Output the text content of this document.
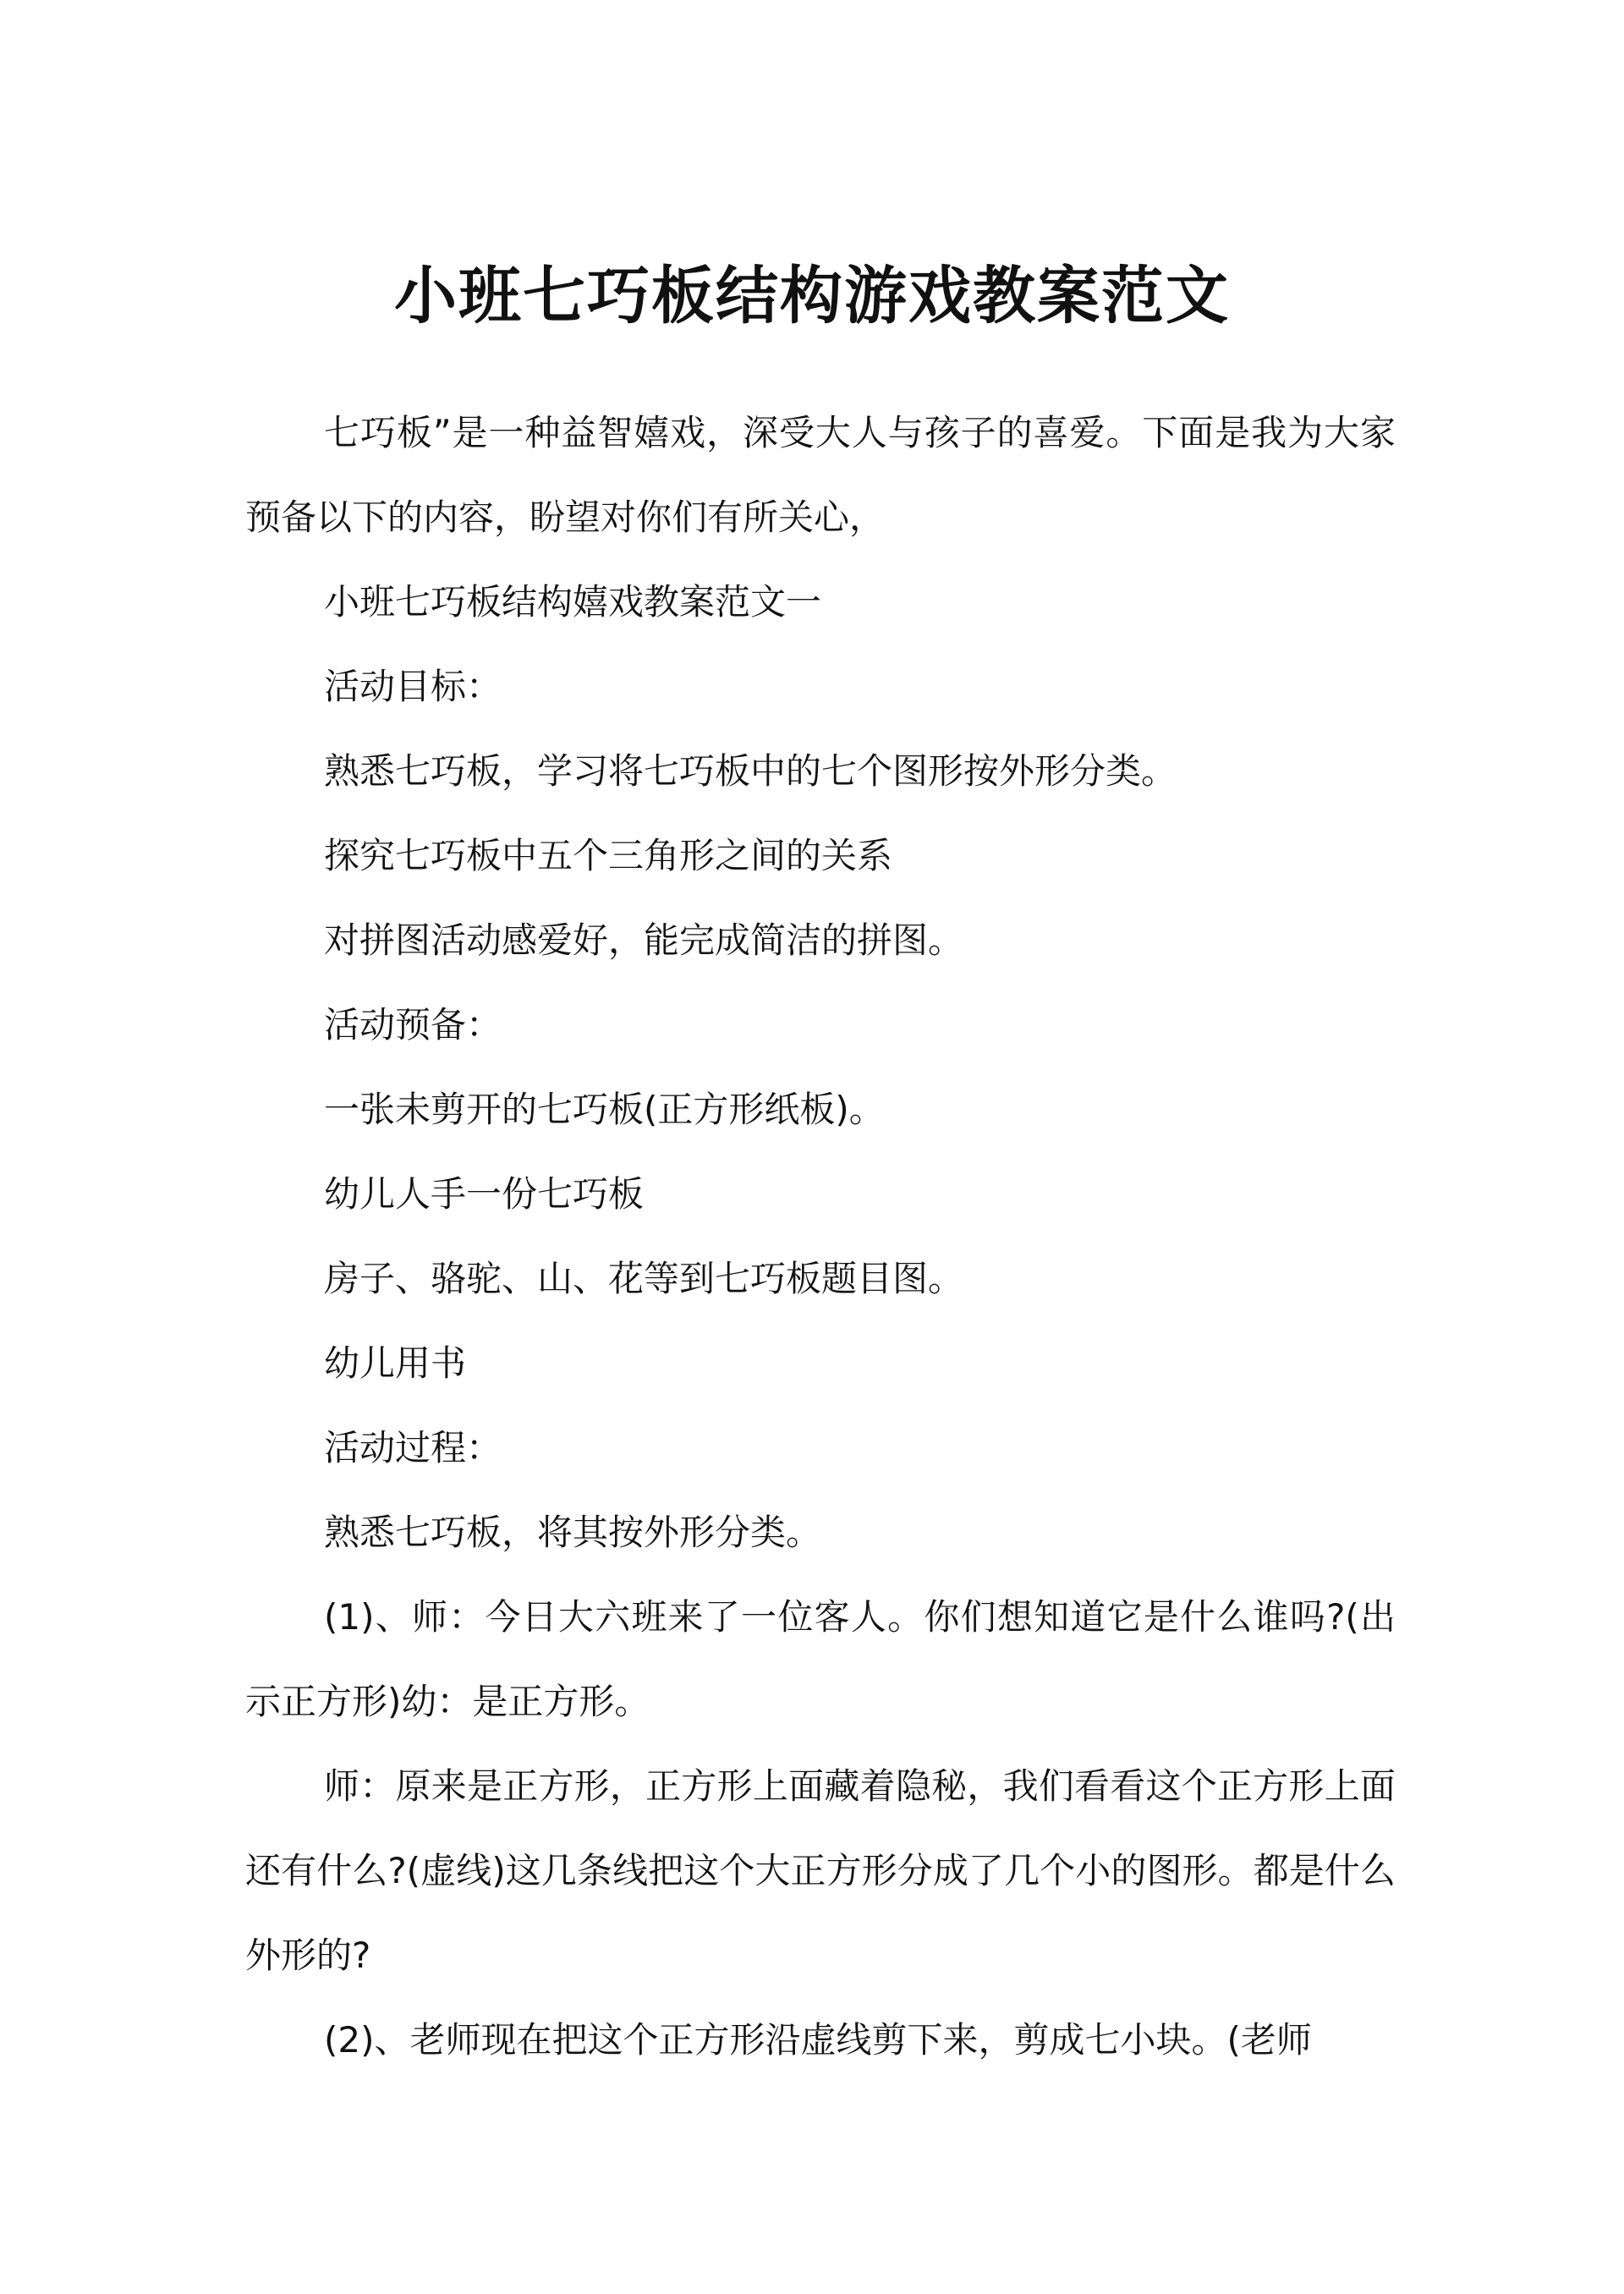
小班七巧板结构游戏教案范文

七巧板”是一种益智嬉戏，深受大人与孩子的喜爱。下面是我为大家预备以下的内容，盼望对你们有所关心，

小班七巧板结构嬉戏教案范文一

活动目标：

熟悉七巧板，学习将七巧板中的七个图形按外形分类。

探究七巧板中五个三角形之间的关系

对拼图活动感爱好，能完成简洁的拼图。

活动预备：

一张未剪开的七巧板(正方形纸板)。

幼儿人手一份七巧板

房子、骆驼、山、花等到七巧板题目图。

幼儿用书

活动过程：

熟悉七巧板，将其按外形分类。

(1)、师：今日大六班来了一位客人。你们想知道它是什么谁吗?(出示正方形)幼：是正方形。

师：原来是正方形，正方形上面藏着隐秘，我们看看这个正方形上面还有什么?(虚线)这几条线把这个大正方形分成了几个小的图形。都是什么外形的?

(2)、老师现在把这个正方形沿虚线剪下来，剪成七小块。(老师
